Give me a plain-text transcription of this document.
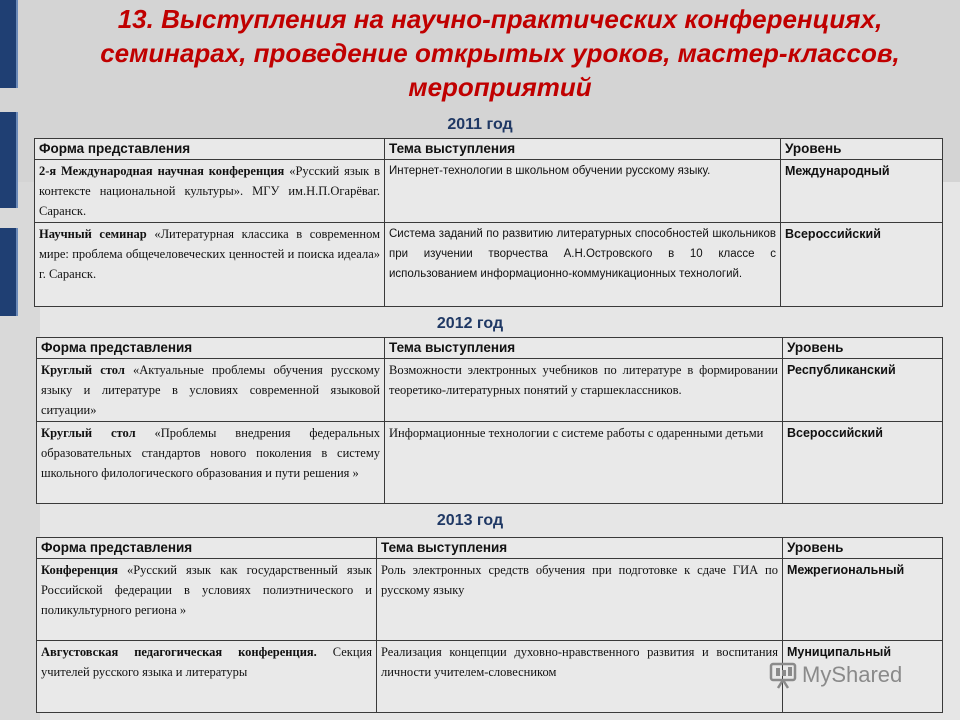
13. Выступления на научно-практических конференциях, семинарах, проведение открытых уроков, мастер-классов, мероприятий
2011 год
Форма представления	Тема выступления	Уровень
2-я Международная научная конференция «Русский язык в контексте национальной культуры». МГУ им.Н.П.Огарёваг. Саранск.	Интернет-технологии в школьном обучении русскому языку.	Международный
Научный семинар «Литературная классика в современном мире: проблема общечеловеческих ценностей и поиска идеала» г. Саранск.	Система заданий по развитию литературных способностей школьников при изучении творчества А.Н.Островского в 10 классе с использованием информационно-коммуникационных технологий.	Всероссийский
2012 год
Форма представления	Тема выступления	Уровень
Круглый стол «Актуальные проблемы обучения русскому языку и литературе в условиях современной языковой ситуации»	Возможности электронных учебников по литературе в формировании теоретико-литературных понятий у старшеклассников.	Республиканский
Круглый стол «Проблемы внедрения федеральных образовательных стандартов нового поколения в систему школьного филологического образования и пути решения »	Информационные технологии с системе работы с одаренными детьми	Всероссийский
2013 год
Форма представления	Тема выступления	Уровень
Конференция «Русский язык как государственный язык Российской федерации в условиях полиэтнического и поликультурного региона »	Роль электронных средств обучения при подготовке к сдаче ГИА по русскому языку	Межрегиональный
Августовская педагогическая конференция. Секция учителей русского языка и литературы	Реализация концепции духовно-нравственного развития и воспитания личности учителем-словесником	Муниципальный
MyShared
